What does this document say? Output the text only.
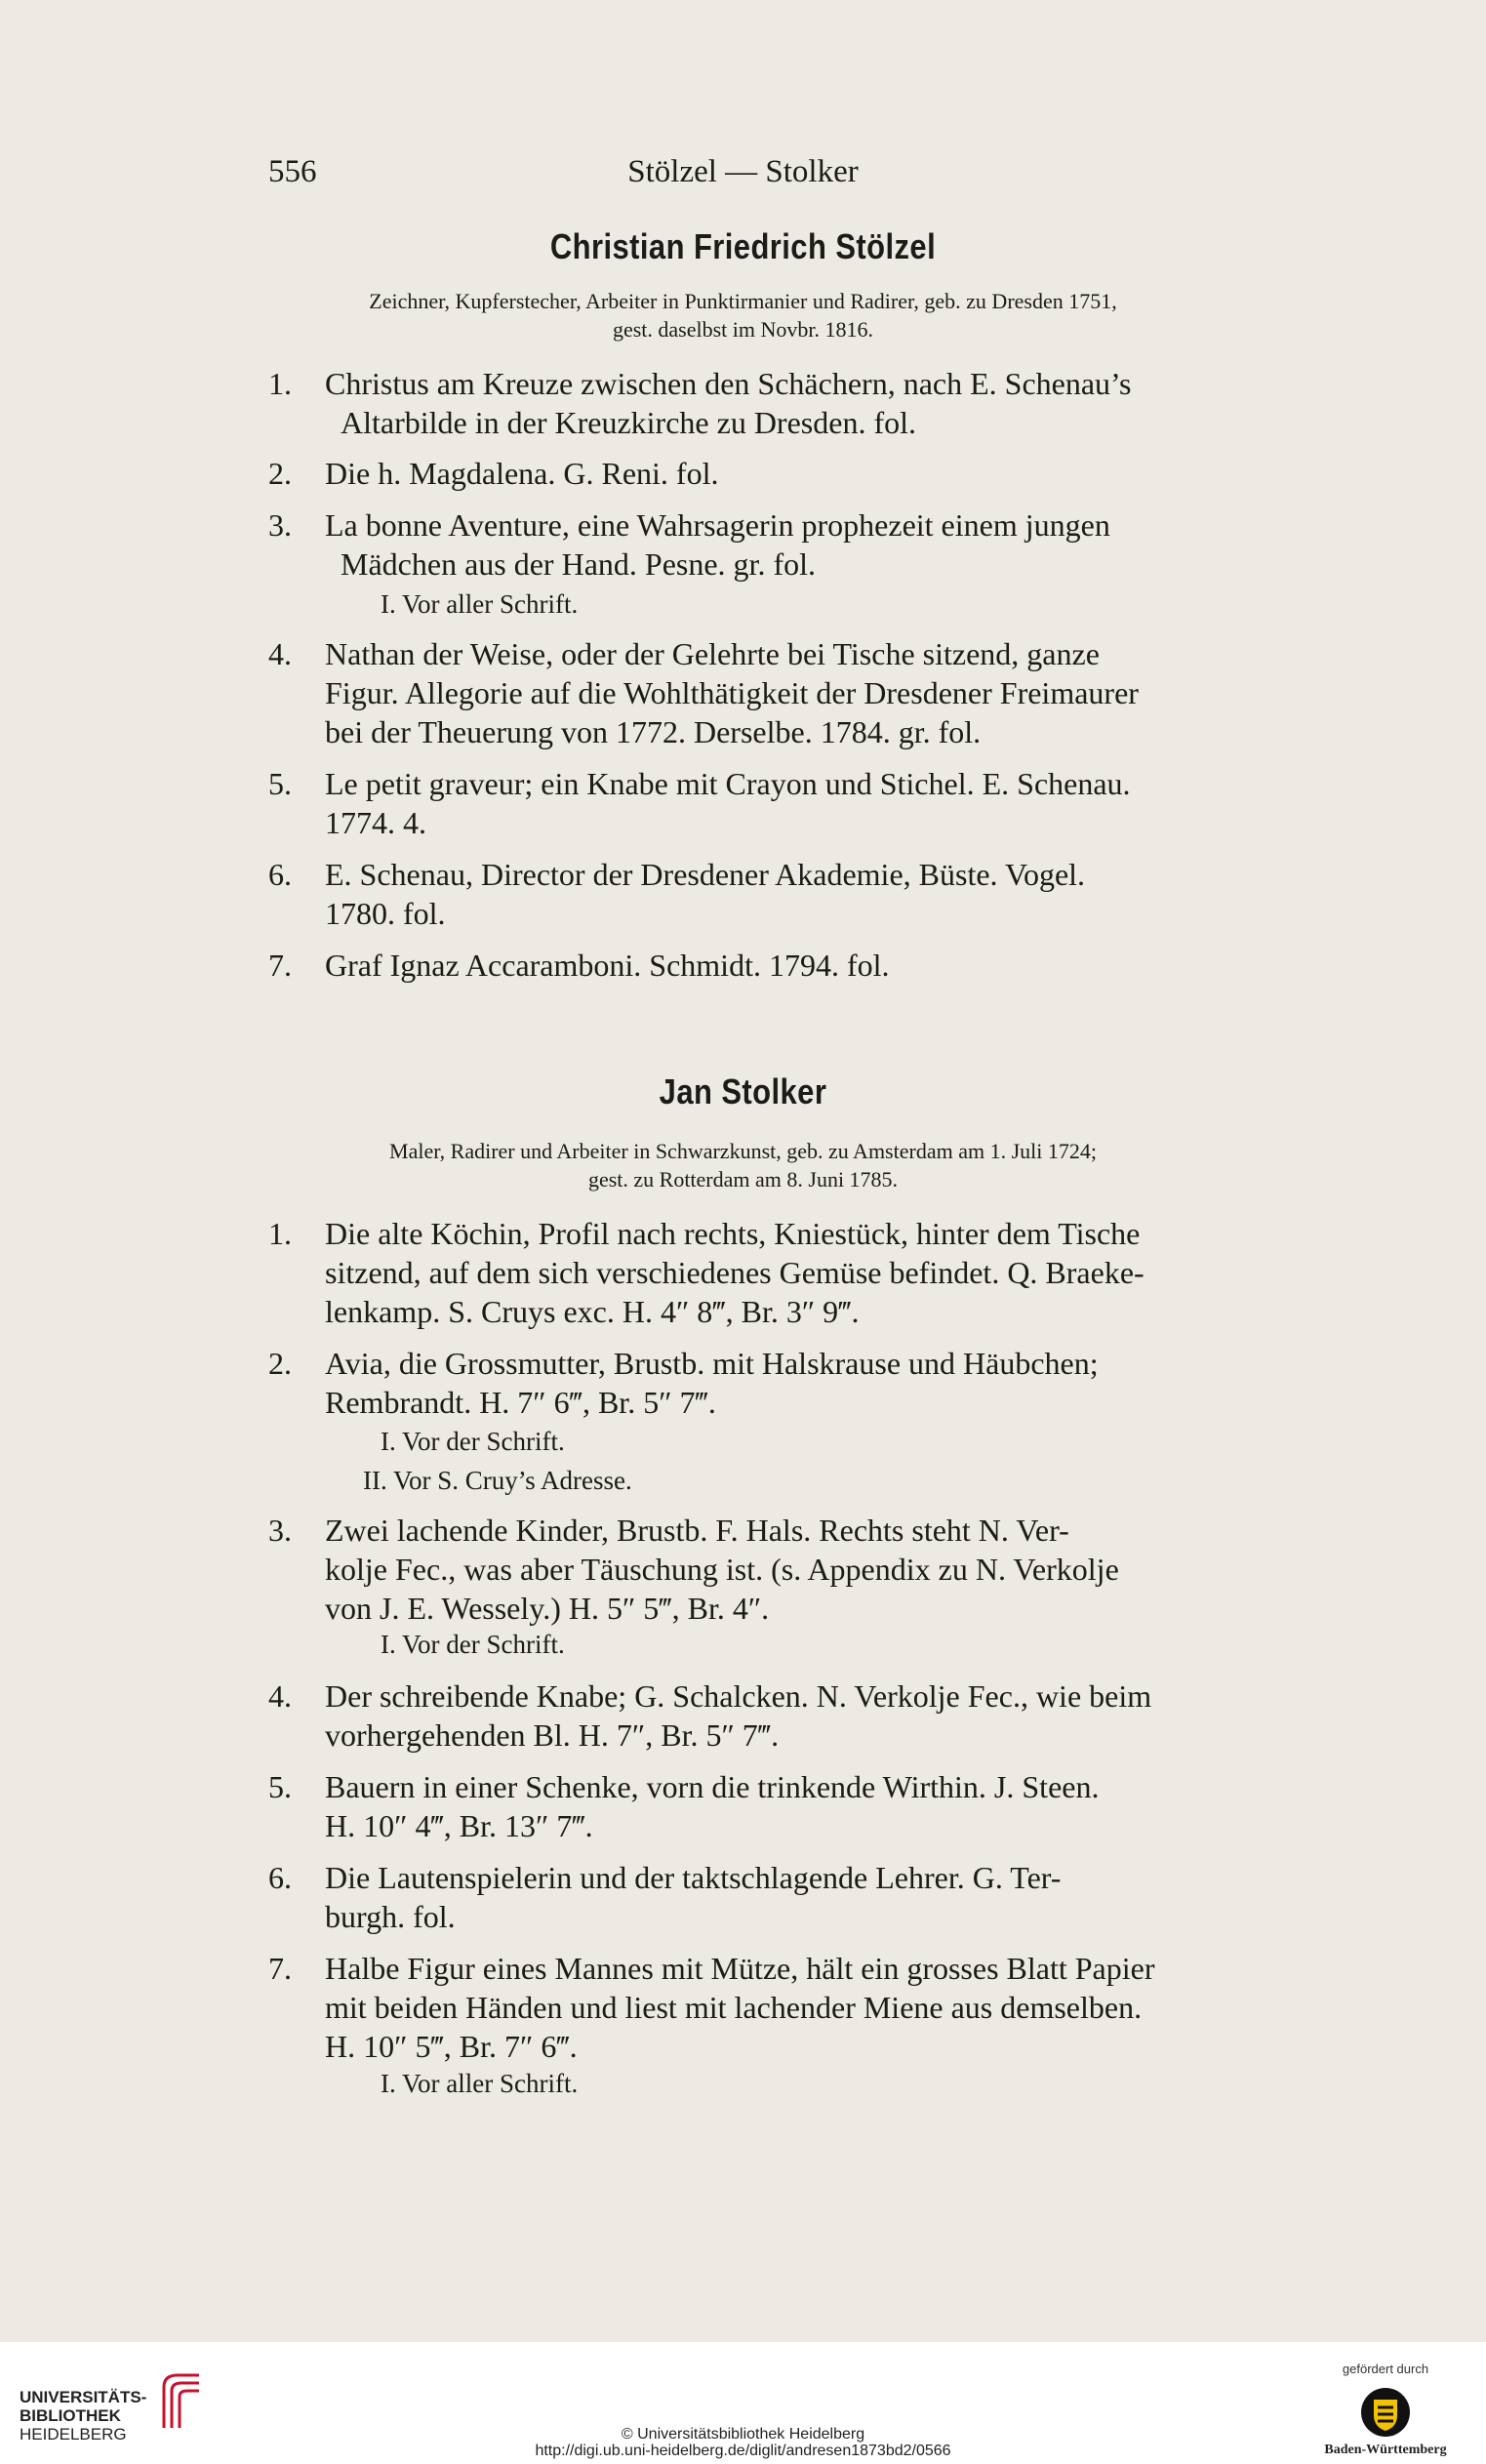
556	Stölzel — Stolker
Christian Friedrich Stölzel
Zeichner, Kupferstecher, Arbeiter in Punktirmanier und Radirer, geb. zu Dresden 1751,
gest. daselbst im Novbr. 1816.
1. Christus am Kreuze zwischen den Schächern, nach E. Schenau’s
Altarbilde in der Kreuzkirche zu Dresden. fol.
2. Die h. Magdalena. G. Reni. fol.
3. La bonne Aventure, eine Wahrsagerin prophezeit einem jungen
Mädchen aus der Hand. Pesne. gr. fol.
I. Vor aller Schrift.
4. Nathan der Weise, oder der Gelehrte bei Tische sitzend, ganze
Figur. Allegorie auf die Wohlthätigkeit der Dresdener Freimaurer
bei der Theuerung von 1772. Derselbe. 1784. gr. fol.
5. Le petit graveur; ein Knabe mit Crayon und Stichel. E. Schenau.
1774. 4.
6. E. Schenau, Director der Dresdener Akademie, Büste. Vogel.
1780. fol.
7. Graf Ignaz Accaramboni. Schmidt. 1794. fol.
Jan Stolker
Maler, Radirer und Arbeiter in Schwarzkunst, geb. zu Amsterdam am 1. Juli 1724;
gest. zu Rotterdam am 8. Juni 1785.
1. Die alte Köchin, Profil nach rechts, Kniestück, hinter dem Tische
sitzend, auf dem sich verschiedenes Gemüse befindet. Q. Braeke-
lenkamp. S. Cruys exc. H. 4″ 8‴, Br. 3″ 9‴.
2. Avia, die Grossmutter, Brustb. mit Halskrause und Häubchen;
Rembrandt. H. 7″ 6‴, Br. 5″ 7‴.
I. Vor der Schrift.
II. Vor S. Cruy’s Adresse.
3. Zwei lachende Kinder, Brustb. F. Hals. Rechts steht N. Ver-
kolje Fec., was aber Täuschung ist. (s. Appendix zu N. Verkolje
von J. E. Wessely.) H. 5″ 5‴, Br. 4″.
I. Vor der Schrift.
4. Der schreibende Knabe; G. Schalcken. N. Verkolje Fec., wie beim
vorhergehenden Bl. H. 7″, Br. 5″ 7‴.
5. Bauern in einer Schenke, vorn die trinkende Wirthin. J. Steen.
H. 10″ 4‴, Br. 13″ 7‴.
6. Die Lautenspielerin und der taktschlagende Lehrer. G. Ter-
burgh. fol.
7. Halbe Figur eines Mannes mit Mütze, hält ein grosses Blatt Papier
mit beiden Händen und liest mit lachender Miene aus demselben.
H. 10″ 5‴, Br. 7″ 6‴.
I. Vor aller Schrift.
UNIVERSITÄTS-
BIBLIOTHEK
HEIDELBERG	© Universitätsbibliothek Heidelberg
http://digi.ub.uni-heidelberg.de/diglit/andresen1873bd2/0566
gefördert durch
Baden-Württemberg
